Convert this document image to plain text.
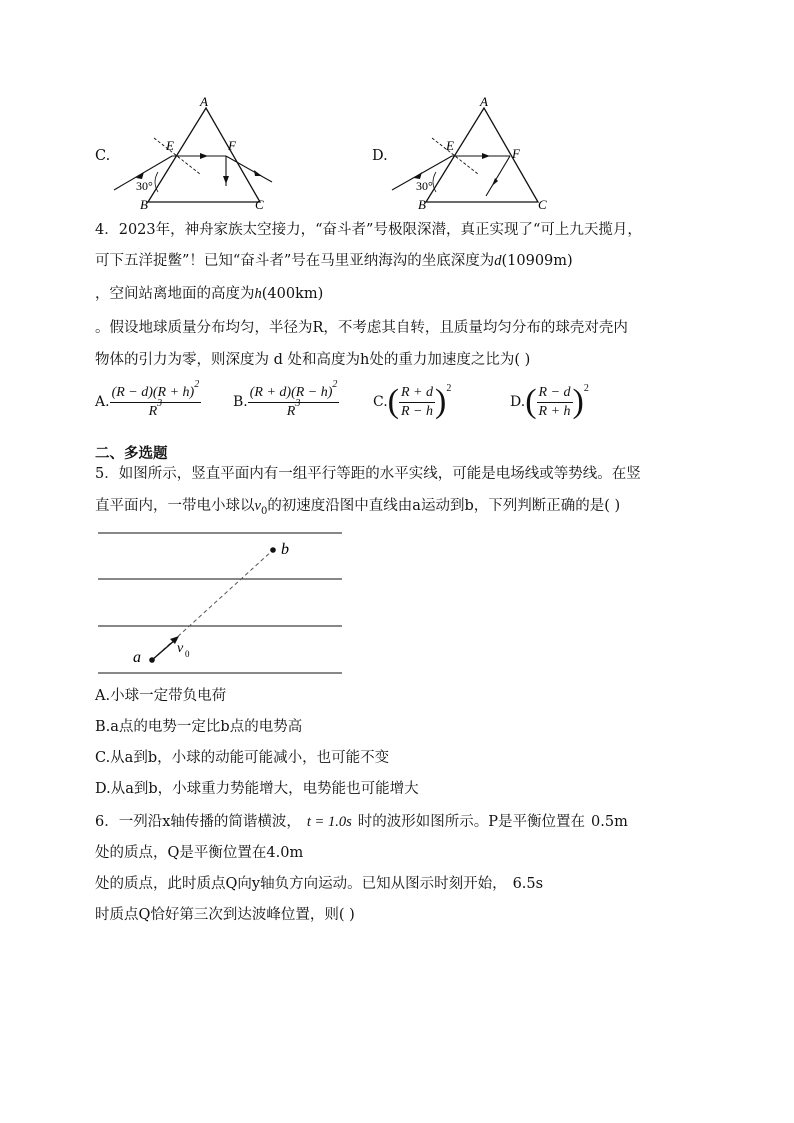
C.
A
B	C
E	F
30°
D.
A
B	C
E
F
30°
4．2023年，神舟家族太空接力，“奋斗者”号极限深潜，真正实现了“可上九天揽月，
可下五洋捉鳖”！已知“奋斗者”号在马里亚纳海沟的坐底深度为d(10909m)
，空间站离地面的高度为h(400km)
。假设地球质量分布均匀，半径为R，不考虑其自转，且质量均匀分布的球壳对壳内
物体的引力为零，则深度为 d 处和高度为h处的重力加速度之比为( )
A. $\frac{(R - d)(R + h)^2}{R^3} B$. $\frac{(R + d)(R - h)^2}{R^3} C$. ( $\frac{R + d}{R - h}$ ) 2
D. ( $\frac{R - d}{R + h}$ ) 2
二、多选题
5．如图所示，竖直平面内有一组平行等距的水平实线，可能是电场线或等势线。在竖
直平面内，一带电小球以$v_0$的初速度沿图中直线由a运动到b，下列判断正确的是( )
a
b
v 0
A.小球一定带负电荷
B.a点的电势一定比b点的电势高
C.从a到b，小球的动能可能减小，也可能不变
D.从a到b，小球重力势能增大，电势能也可能增大
6．一列沿x轴传播的简谐横波， t = 1.0s 时的波形如图所示。P是平衡位置在 0.5m
处的质点，Q是平衡位置在4.0m
处的质点，此时质点Q向y轴负方向运动。已知从图示时刻开始， 6.5s
时质点Q恰好第三次到达波峰位置，则( )
